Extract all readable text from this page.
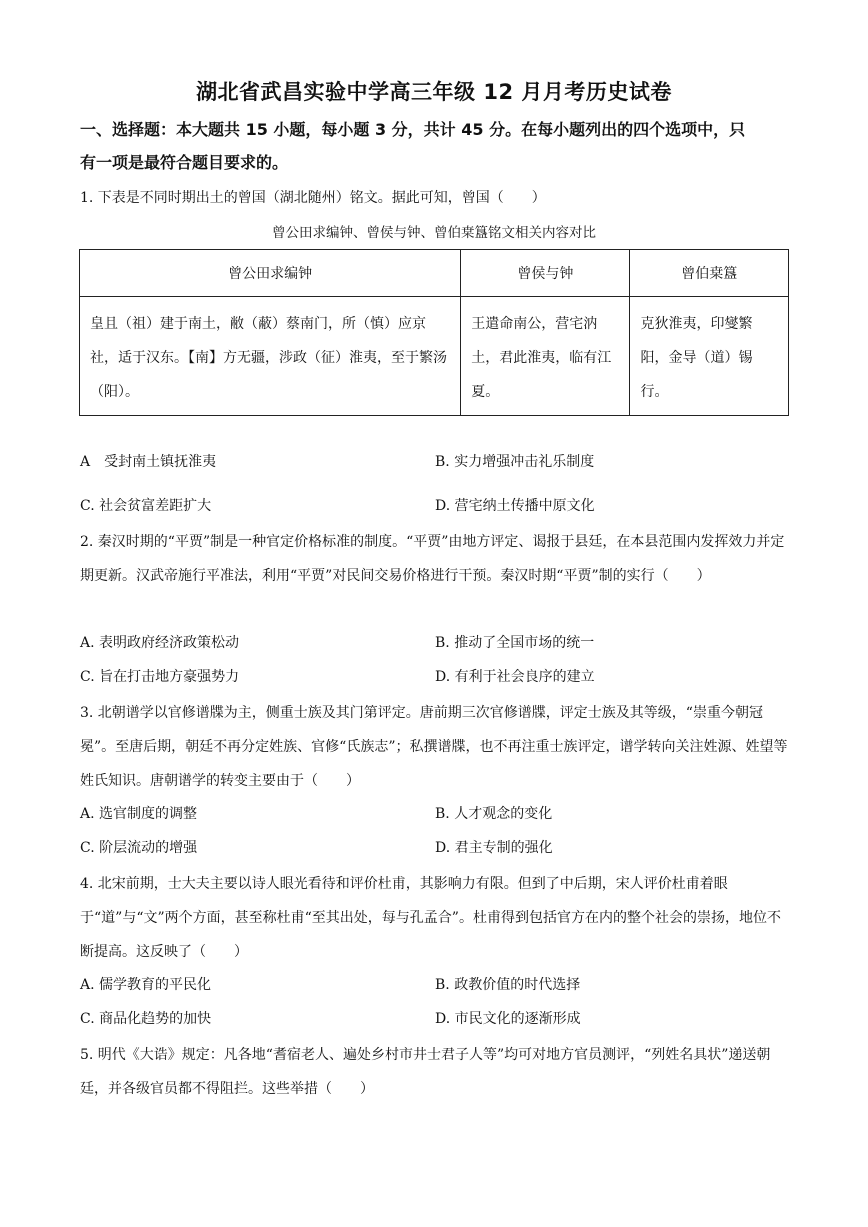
湖北省武昌实验中学高三年级 12 月月考历史试卷
一、选择题：本大题共 15 小题，每小题 3 分，共计 45 分。在每小题列出的四个选项中，只
有一项是最符合题目要求的。
1. 下表是不同时期出土的曾国（湖北随州）铭文。据此可知，曾国（　　）
曾公田求编钟、曾侯与钟、曾伯枽簋铭文相关内容对比
曾公田求编钟	曾侯与钟	曾伯枽簋
皇且（祖）建于南土，敝（蔽）蔡南门，所（慎）应京社，适于汉东。【南】方无疆，涉政（征）淮夷，至于繁汤（阳）。	王遣命南公，营宅汭土，君此淮夷，临有江夏。	克狄淮夷，印燮繁阳，金导（道）锡行。
A　受封南土镇抚淮夷	B. 实力增强冲击礼乐制度
C. 社会贫富差距扩大	D. 营宅纳土传播中原文化
2. 秦汉时期的“平贾”制是一种官定价格标准的制度。“平贾”由地方评定、谒报于县廷，在本县范围内发挥效力并定期更新。汉武帝施行平准法，利用“平贾”对民间交易价格进行干预。秦汉时期“平贾”制的实行（　　）
A. 表明政府经济政策松动	B. 推动了全国市场的统一
C. 旨在打击地方豪强势力	D. 有利于社会良序的建立
3. 北朝谱学以官修谱牒为主，侧重士族及其门第评定。唐前期三次官修谱牒，评定士族及其等级，“崇重今朝冠冕”。至唐后期，朝廷不再分定姓族、官修“氏族志”；私撰谱牒，也不再注重士族评定，谱学转向关注姓源、姓望等姓氏知识。唐朝谱学的转变主要由于（　　）
A. 选官制度的调整	B. 人才观念的变化
C. 阶层流动的增强	D. 君主专制的强化
4. 北宋前期，士大夫主要以诗人眼光看待和评价杜甫，其影响力有限。但到了中后期，宋人评价杜甫着眼于“道”与“文”两个方面，甚至称杜甫“至其出处，每与孔孟合”。杜甫得到包括官方在内的整个社会的崇扬，地位不断提高。这反映了（　　）
A. 儒学教育的平民化	B. 政教价值的时代选择
C. 商品化趋势的加快	D. 市民文化的逐渐形成
5. 明代《大诰》规定：凡各地“耆宿老人、遍处乡村市井士君子人等”均可对地方官员测评，“列姓名具状”递送朝廷，并各级官员都不得阻拦。这些举措（　　）
